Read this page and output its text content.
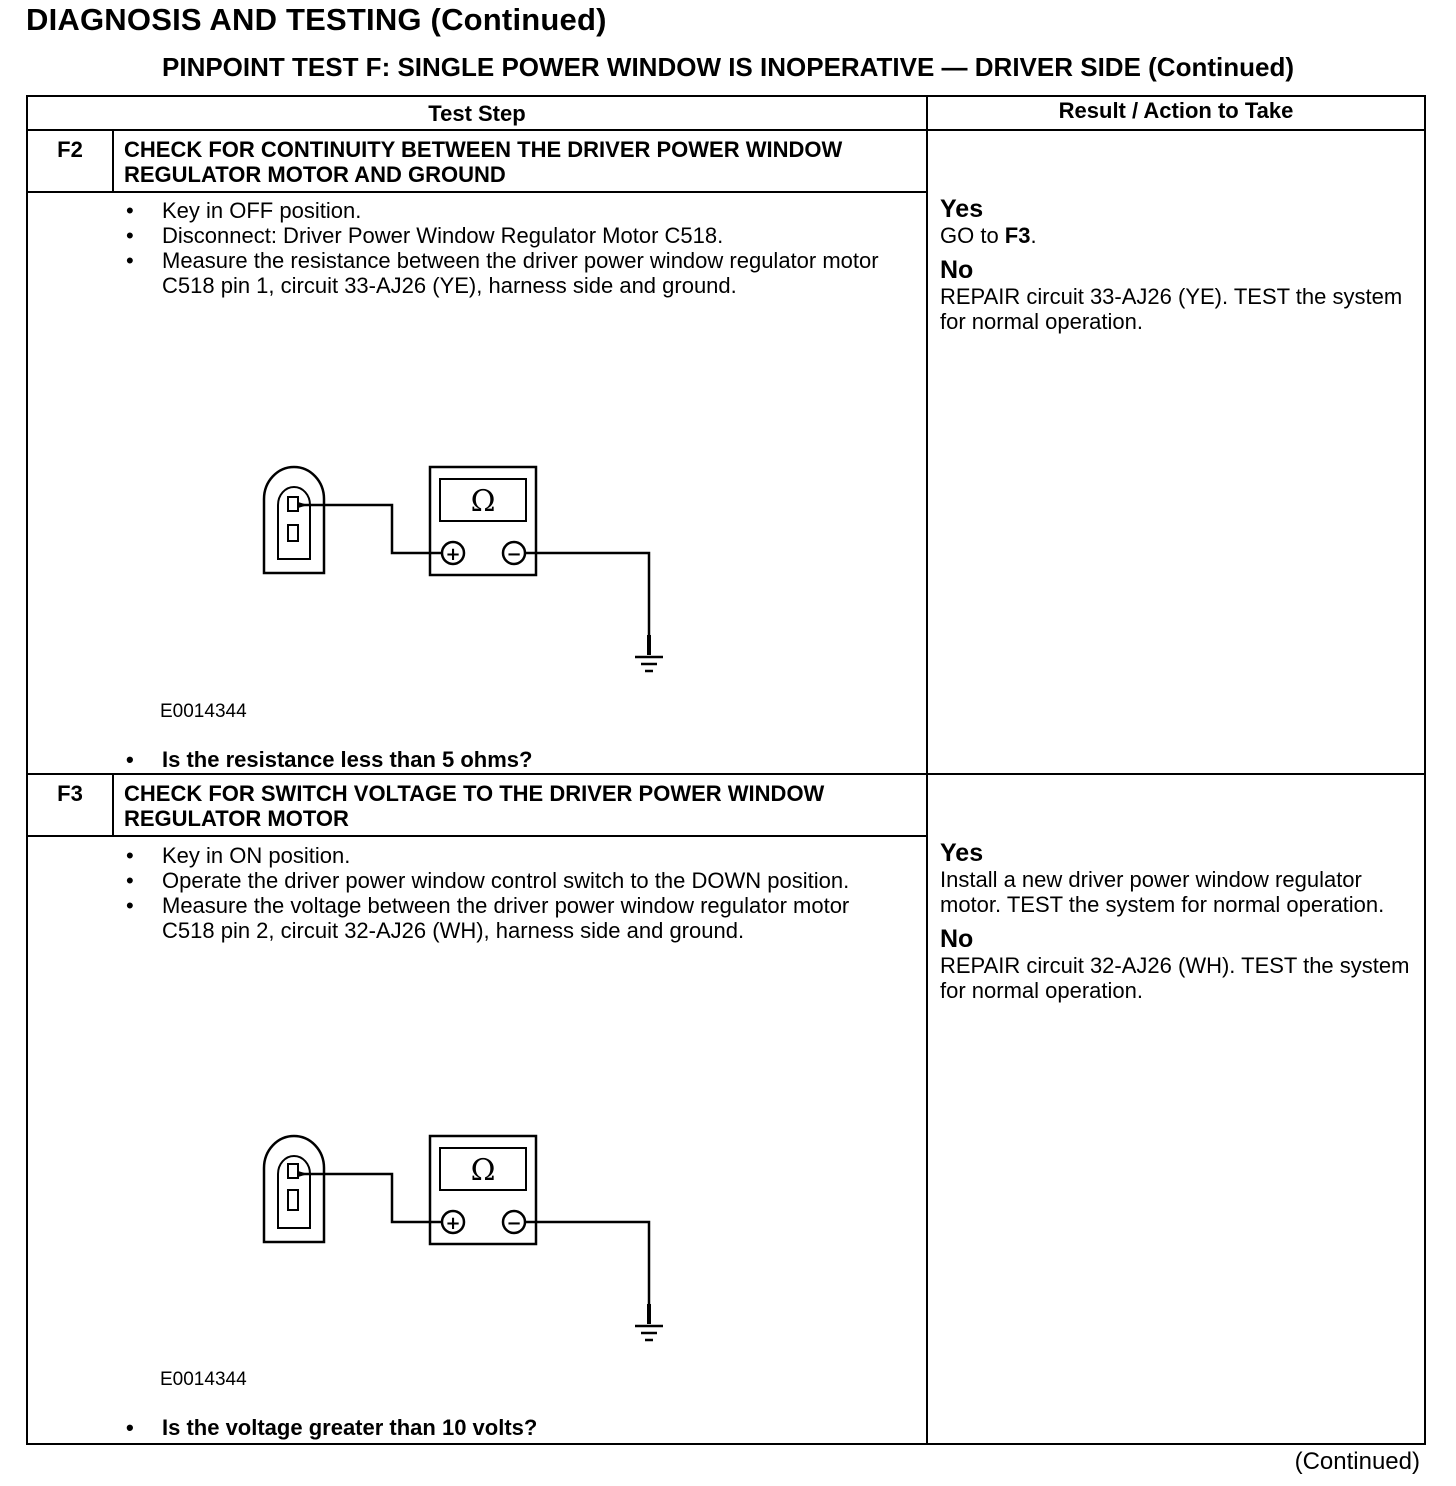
DIAGNOSIS AND TESTING (Continued)
PINPOINT TEST F: SINGLE POWER WINDOW IS INOPERATIVE — DRIVER SIDE (Continued)
Test Step	Result / Action to Take
F2	CHECK FOR CONTINUITY BETWEEN THE DRIVER POWER WINDOW REGULATOR MOTOR AND GROUND
• Key in OFF position.
• Disconnect: Driver Power Window Regulator Motor C518.
• Measure the resistance between the driver power window regulator motor C518 pin 1, circuit 33-AJ26 (YE), harness side and ground.
Ω
+	−
E0014344
• Is the resistance less than 5 ohms?
Yes
GO to F3.
No
REPAIR circuit 33-AJ26 (YE). TEST the system for normal operation.
F3	CHECK FOR SWITCH VOLTAGE TO THE DRIVER POWER WINDOW REGULATOR MOTOR
• Key in ON position.
• Operate the driver power window control switch to the DOWN position.
• Measure the voltage between the driver power window regulator motor C518 pin 2, circuit 32-AJ26 (WH), harness side and ground.
Ω
+	−
E0014344
• Is the voltage greater than 10 volts?
Yes
Install a new driver power window regulator motor. TEST the system for normal operation.
No
REPAIR circuit 32-AJ26 (WH). TEST the system for normal operation.
(Continued)
